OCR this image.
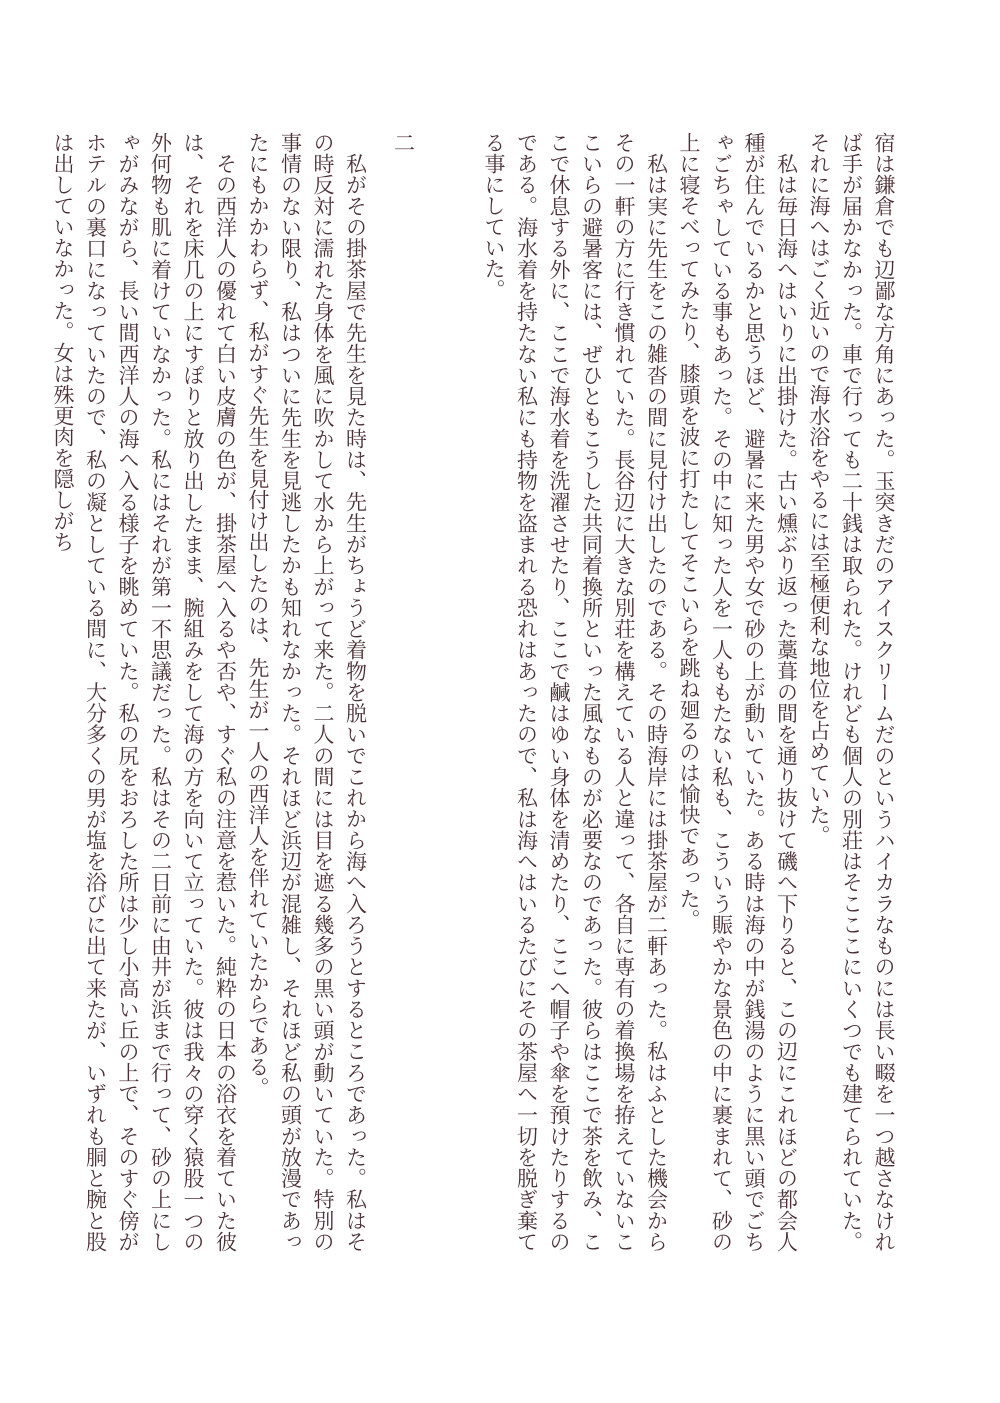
宿は鎌倉でも辺鄙な方角にあった。玉突きだのアイスクリームだのというハイカラなものには長い畷を一つ越さなければ手が届かなかった。車で行っても二十銭は取られた。けれども個人の別荘はそこここにいくつでも建てられていた。それに海へはごく近いので海水浴をやるには至極便利な地位を占めていた。

私は毎日海へはいりに出掛けた。古い燻ぶり返った藁葺の間を通り抜けて磯へ下りると、この辺にこれほどの都会人種が住んでいるかと思うほど、避暑に来た男や女で砂の上が動いていた。ある時は海の中が銭湯のように黒い頭でごちゃごちゃしている事もあった。その中に知った人を一人ももたない私も、こういう賑やかな景色の中に裹まれて、砂の上に寝そべってみたり、膝頭を波に打たしてそこいらを跳ね廻るのは愉快であった。

私は実に先生をこの雑沓の間に見付け出したのである。その時海岸には掛茶屋が二軒あった。私はふとした機会からその一軒の方に行き慣れていた。長谷辺に大きな別荘を構えている人と違って、各自に専有の着換場を拵えていないここいらの避暑客には、ぜひともこうした共同着換所といった風なものが必要なのであった。彼らはここで茶を飲み、ここで休息する外に、ここで海水着を洗濯させたり、ここで鹹はゆい身体を清めたり、ここへ帽子や傘を預けたりするのである。海水着を持たない私にも持物を盗まれる恐れはあったので、私は海へはいるたびにその茶屋へ一切を脱ぎ棄てる事にしていた。

二

私がその掛茶屋で先生を見た時は、先生がちょうど着物を脱いでこれから海へ入ろうとするところであった。私はその時反対に濡れた身体を風に吹かして水から上がって来た。二人の間には目を遮る幾多の黒い頭が動いていた。特別の事情のない限り、私はついに先生を見逃したかも知れなかった。それほど浜辺が混雑し、それほど私の頭が放漫であったにもかかわらず、私がすぐ先生を見付け出したのは、先生が一人の西洋人を伴れていたからである。

その西洋人の優れて白い皮膚の色が、掛茶屋へ入るや否や、すぐ私の注意を惹いた。純粋の日本の浴衣を着ていた彼は、それを床几の上にすぽりと放り出したまま、腕組みをして海の方を向いて立っていた。彼は我々の穿く猿股一つの外何物も肌に着けていなかった。私にはそれが第一不思議だった。私はその二日前に由井が浜まで行って、砂の上にしゃがみながら、長い間西洋人の海へ入る様子を眺めていた。私の尻をおろした所は少し小高い丘の上で、そのすぐ傍がホテルの裏口になっていたので、私の凝としている間に、大分多くの男が塩を浴びに出て来たが、いずれも胴と腕と股は出していなかった。女は殊更肉を隠しがち
